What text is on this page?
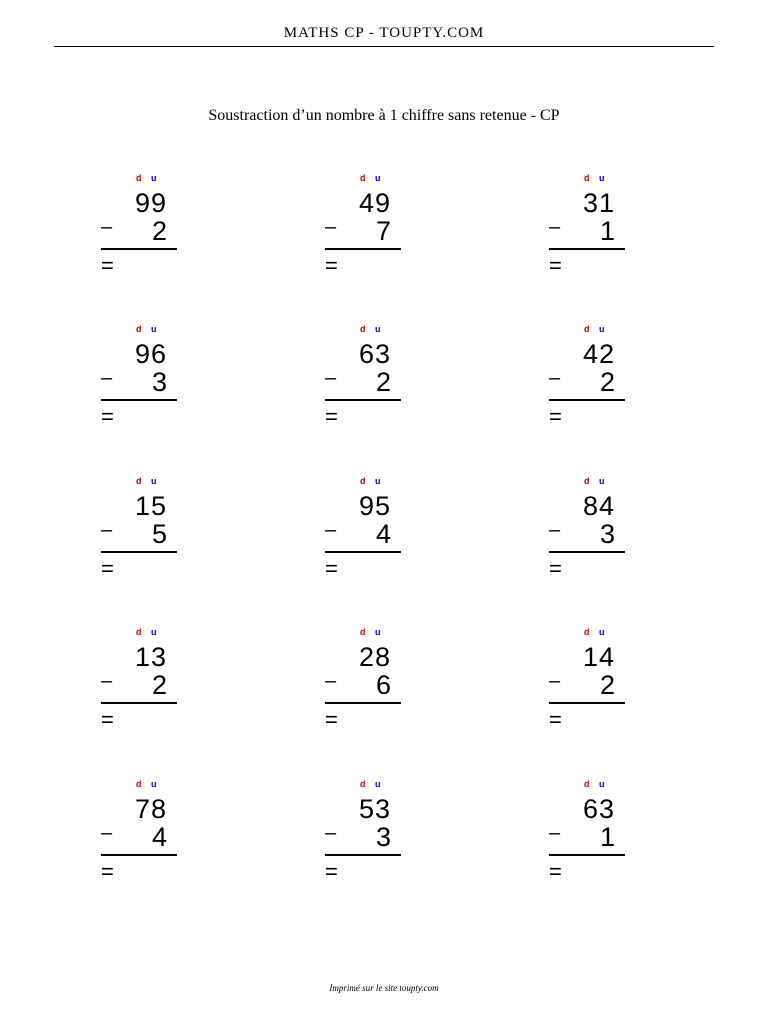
MATHS CP - TOUPTY.COM
Soustraction d’un nombre à 1 chiffre sans retenue - CP
d u
99
– 2
=
d u
49
– 7
=
d u
31
– 1
=
d u
96
– 3
=
d u
63
– 2
=
d u
42
– 2
=
d u
15
– 5
=
d u
95
– 4
=
d u
84
– 3
=
d u
13
– 2
=
d u
28
– 6
=
d u
14
– 2
=
d u
78
– 4
=
d u
53
– 3
=
d u
63
– 1
=
Imprimé sur le site toupty.com
